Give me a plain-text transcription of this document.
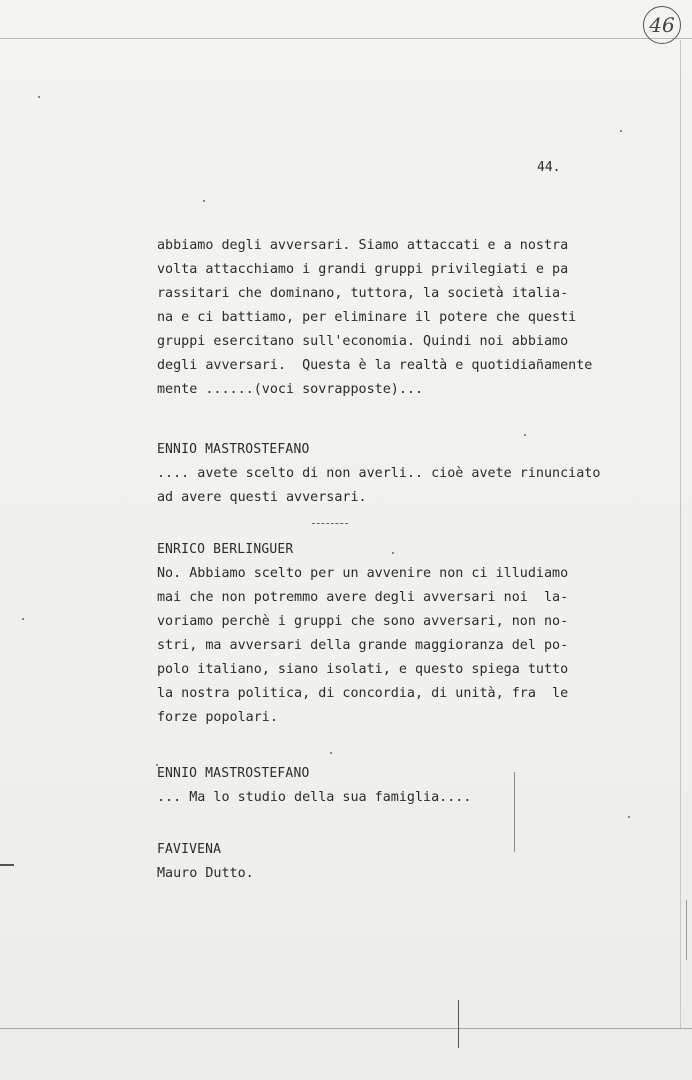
46
44.
abbiamo degli avversari. Siamo attaccati e a nostra
volta attacchiamo i grandi gruppi privilegiati e pa
rassitari che dominano, tuttora, la società italia-
na e ci battiamo, per eliminare il potere che questi
gruppi esercitano sull'economia. Quindi noi abbiamo
degli avversari.  Questa è la realtà e quotidiañamente
mente ......(voci sovrapposte)...
ENNIO MASTROSTEFANO
.... avete scelto di non averli.. cioè avete rinunciato
ad avere questi avversari.
ENRICO BERLINGUER
No. Abbiamo scelto per un avvenire non ci illudiamo
mai che non potremmo avere degli avversari noi  la-
voriamo perchè i gruppi che sono avversari, non no-
stri, ma avversari della grande maggioranza del po-
polo italiano, siano isolati, e questo spiega tutto
la nostra politica, di concordia, di unità, fra  le
forze popolari.
ENNIO MASTROSTEFANO
... Ma lo studio della sua famiglia....
FAVIVENA
Mauro Dutto.
